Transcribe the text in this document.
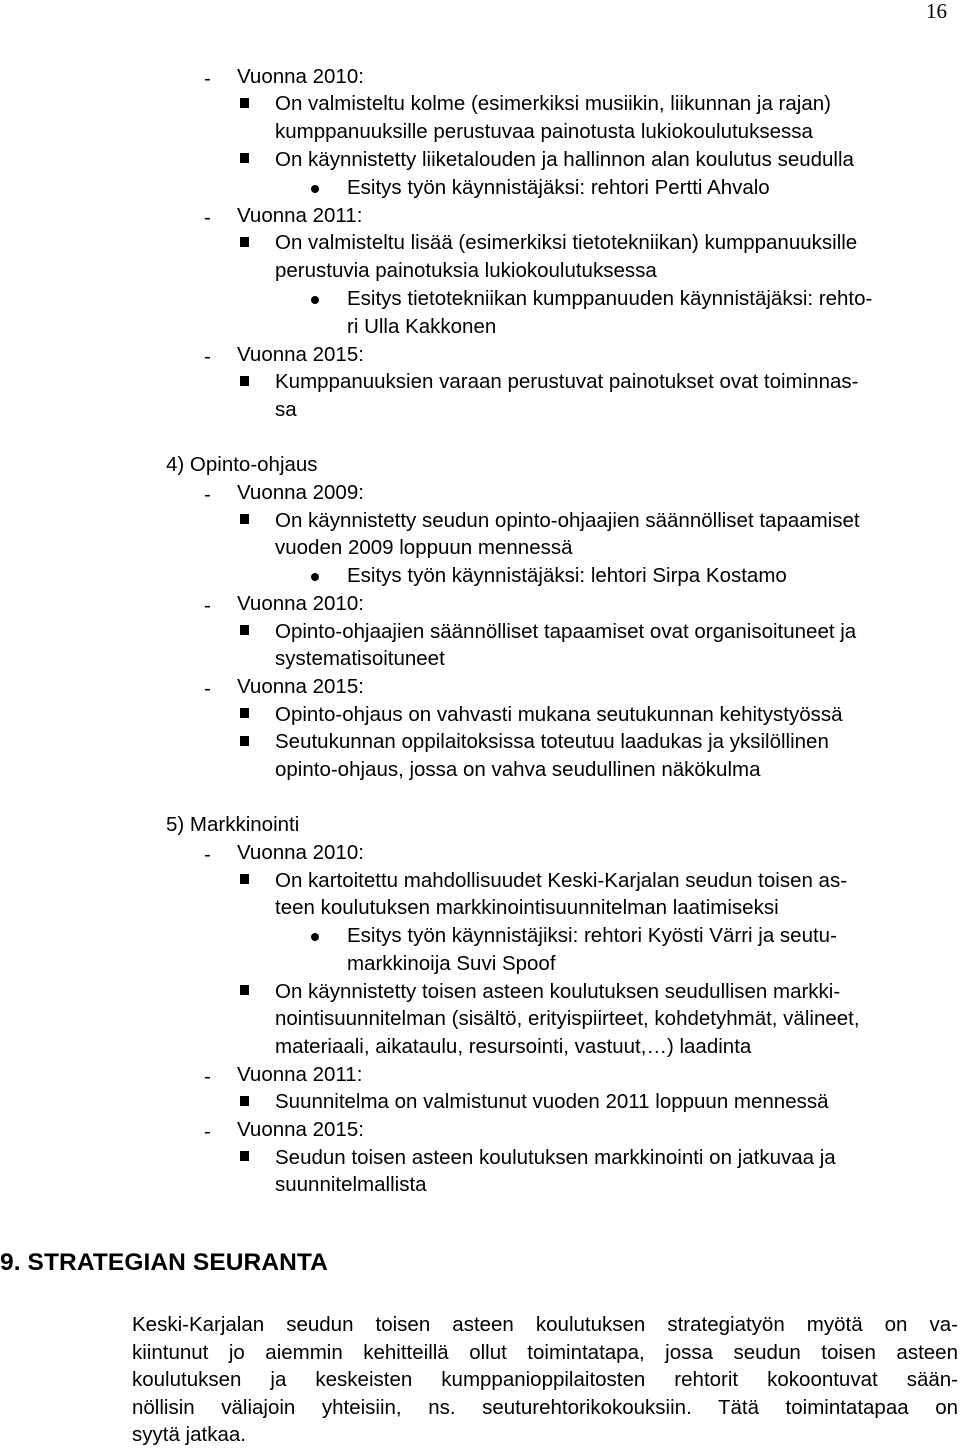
16
- Vuonna 2010:
On valmisteltu kolme (esimerkiksi musiikin, liikunnan ja rajan)
kumppanuuksille perustuvaa painotusta lukiokoulutuksessa
On käynnistetty liiketalouden ja hallinnon alan koulutus seudulla
Esitys työn käynnistäjäksi: rehtori Pertti Ahvalo
- Vuonna 2011:
On valmisteltu lisää (esimerkiksi tietotekniikan) kumppanuuksille
perustuvia painotuksia lukiokoulutuksessa
Esitys tietotekniikan kumppanuuden käynnistäjäksi: rehto-
ri Ulla Kakkonen
- Vuonna 2015:
Kumppanuuksien varaan perustuvat painotukset ovat toiminnas-
sa
4) Opinto-ohjaus
- Vuonna 2009:
On käynnistetty seudun opinto-ohjaajien säännölliset tapaamiset
vuoden 2009 loppuun mennessä
Esitys työn käynnistäjäksi: lehtori Sirpa Kostamo
- Vuonna 2010:
Opinto-ohjaajien säännölliset tapaamiset ovat organisoituneet ja
systematisoituneet
- Vuonna 2015:
Opinto-ohjaus on vahvasti mukana seutukunnan kehitystyössä
Seutukunnan oppilaitoksissa toteutuu laadukas ja yksilöllinen
opinto-ohjaus, jossa on vahva seudullinen näkökulma
5) Markkinointi
- Vuonna 2010:
On kartoitettu mahdollisuudet Keski-Karjalan seudun toisen as-
teen koulutuksen markkinointisuunnitelman laatimiseksi
Esitys työn käynnistäjiksi: rehtori Kyösti Värri ja seutu-
markkinoija Suvi Spoof
On käynnistetty toisen asteen koulutuksen seudullisen markki-
nointisuunnitelman (sisältö, erityispiirteet, kohdetyhmät, välineet,
materiaali, aikataulu, resursointi, vastuut,…) laadinta
- Vuonna 2011:
Suunnitelma on valmistunut vuoden 2011 loppuun mennessä
- Vuonna 2015:
Seudun toisen asteen koulutuksen markkinointi on jatkuvaa ja
suunnitelmallista
9. STRATEGIAN SEURANTA
Keski-Karjalan seudun toisen asteen koulutuksen strategiatyön myötä on va-
kiintunut jo aiemmin kehitteillä ollut toimintatapa, jossa seudun toisen asteen
koulutuksen ja keskeisten kumppanioppilaitosten rehtorit kokoontuvat sään-
nöllisin väliajoin yhteisiin, ns. seuturehtorikokouksiin. Tätä toimintatapaa on
syytä jatkaa.
